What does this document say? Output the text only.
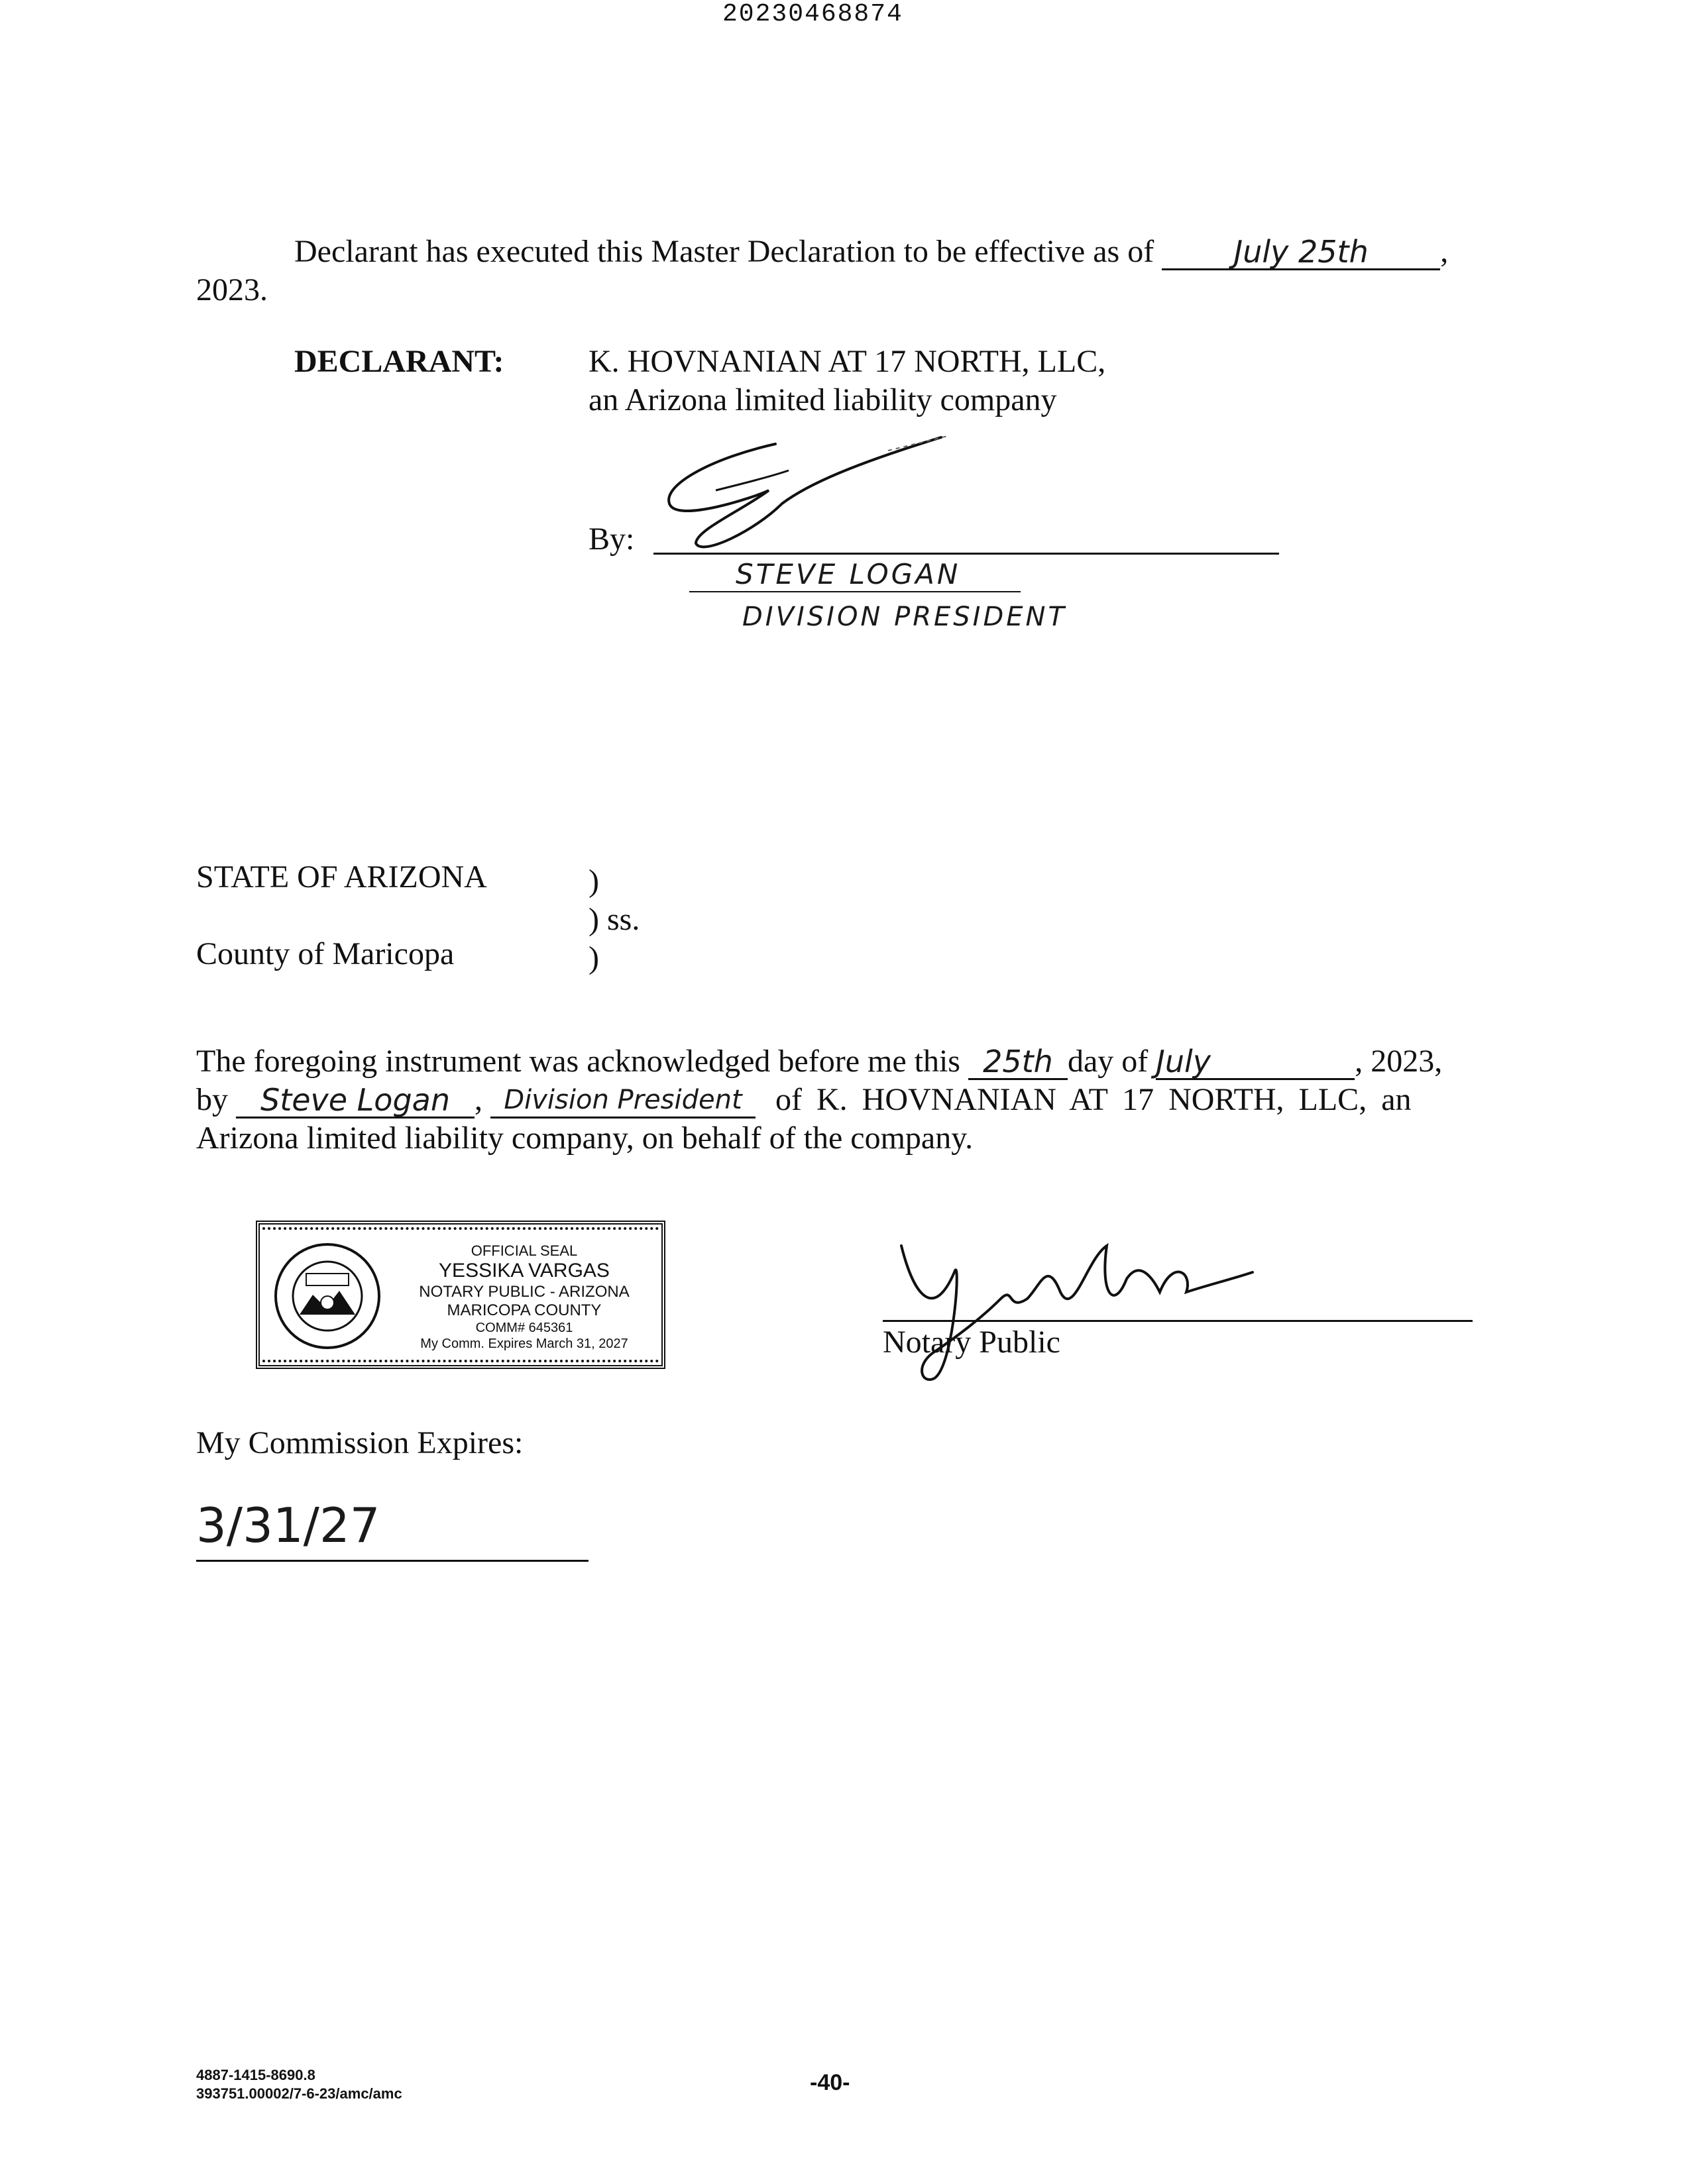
20230468874
Declarant has executed this Master Declaration to be effective as of	July 25th ,
2023.
DECLARANT:	K. HOVNANIAN AT 17 NORTH, LLC,
an Arizona limited liability company
By:
STEVE LOGAN
DIVISION PRESIDENT
STATE OF ARIZONA	)
) ss.
County of Maricopa	)
The foregoing instrument was acknowledged before me this 25th day of July	, 2023,
by Steve Logan , Division President of K. HOVNANIAN AT 17 NORTH, LLC, an
Arizona limited liability company, on behalf of the company.
OFFICIAL SEAL
YESSIKA VARGAS
NOTARY PUBLIC - ARIZONA
MARICOPA COUNTY
COMM# 645361
My Comm. Expires March 31, 2027	Notary Public
My Commission Expires:
3/31/27
4887-1415-8690.8
393751.00002/7-6-23/amc/amc	-40-
